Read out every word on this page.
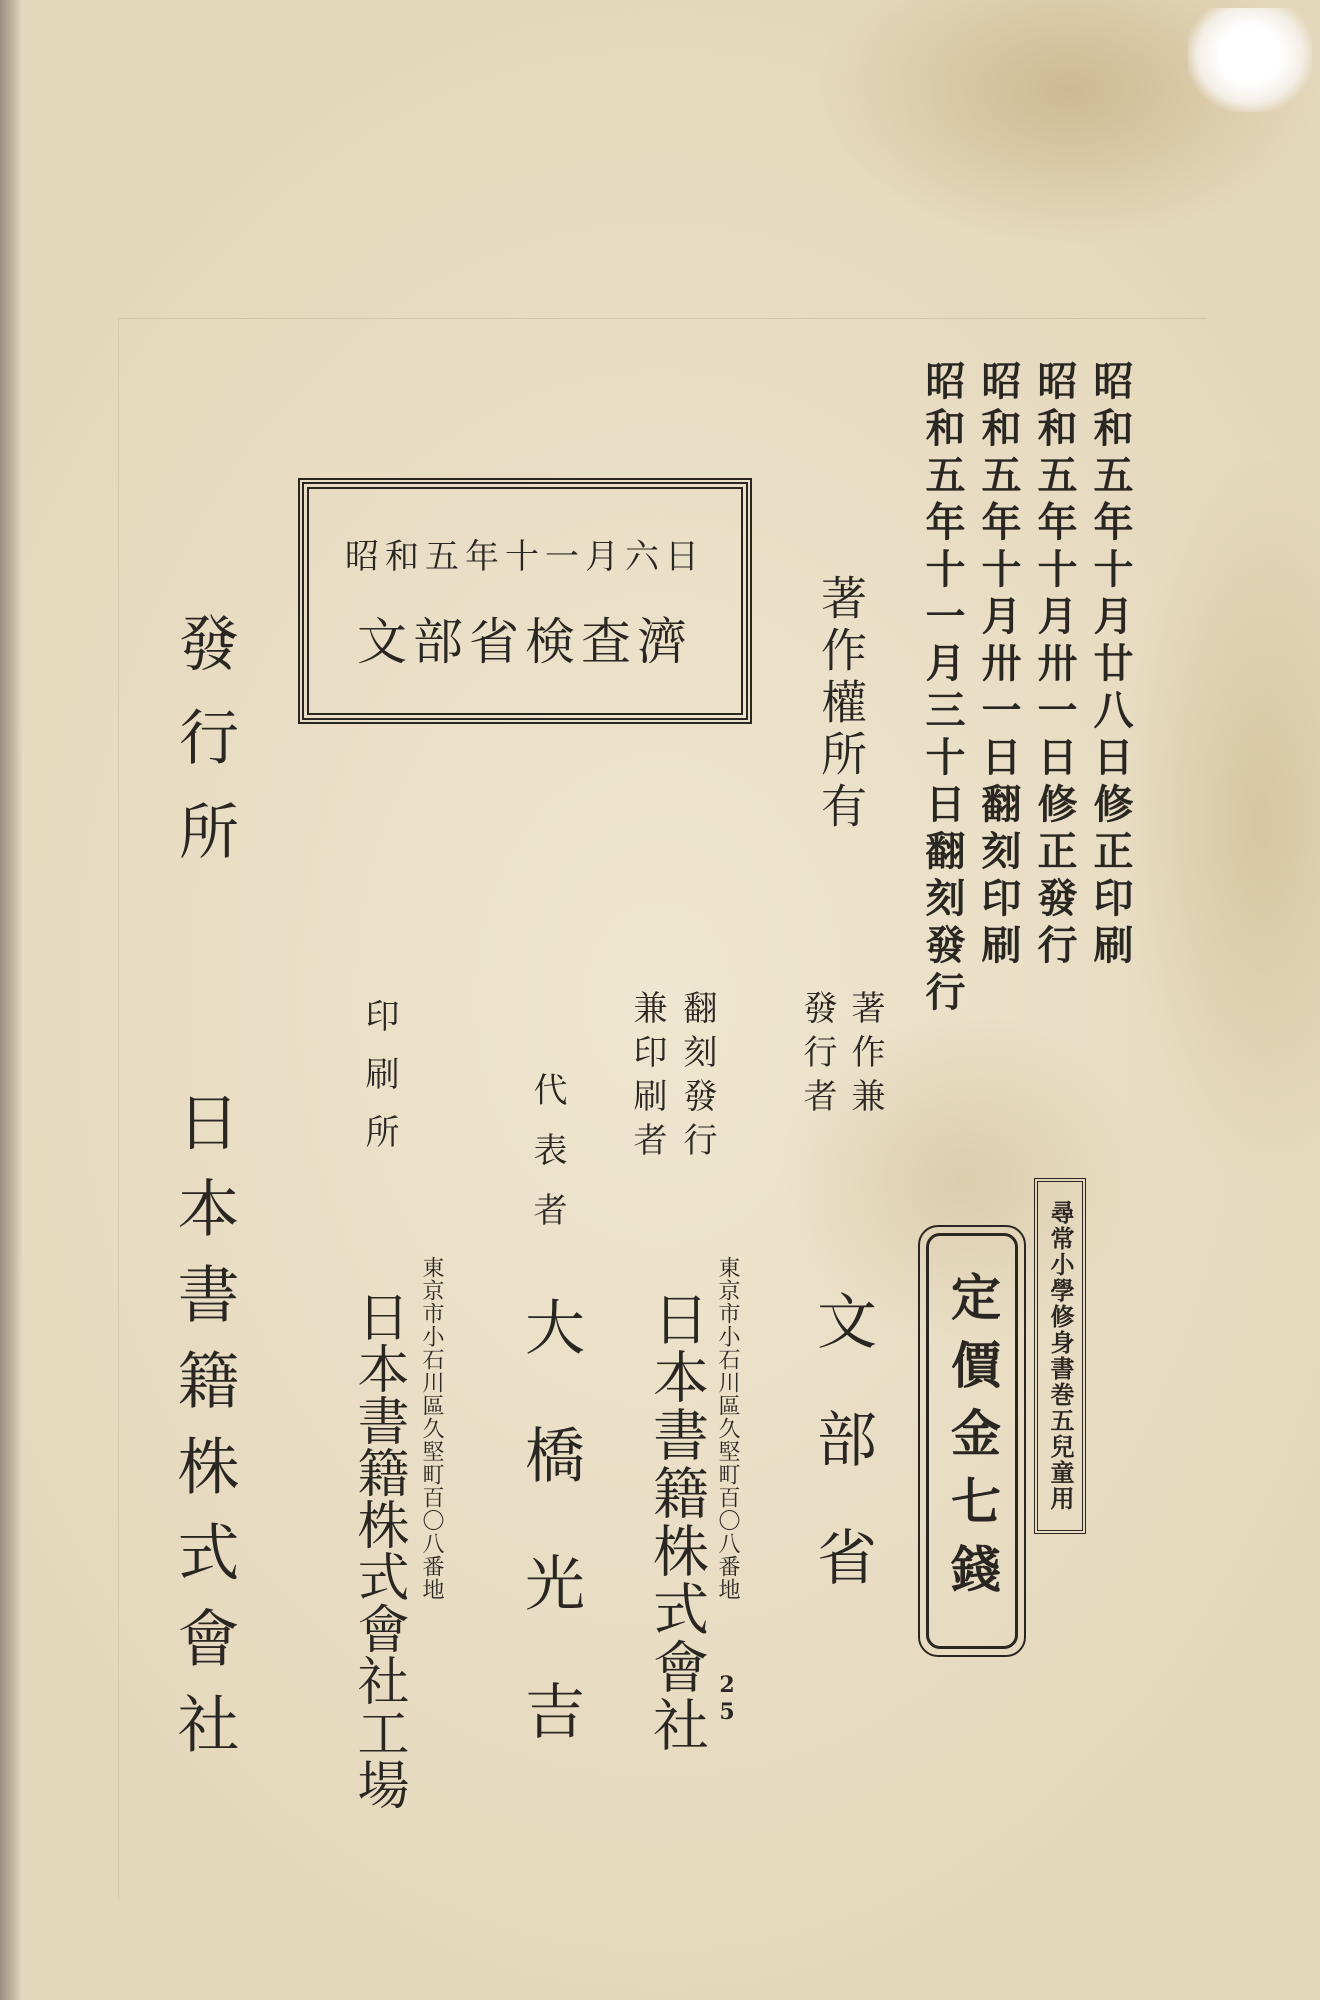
昭和五年十月廿八日修正印刷
昭和五年十月卅一日修正發行
昭和五年十月卅一日翻刻印刷
昭和五年十一月三十日翻刻發行
著作權所有
昭和五年十一月六日
文部省検査濟
尋常小學修身書巻五兒童用
定價金七錢
著作兼
發行者
文部省
翻刻發行
兼印刷者
東京市小石川區久堅町百〇八番地
25
日本書籍株式會社
代表者
大橋光吉
印刷所
東京市小石川區久堅町百〇八番地
日本書籍株式會社工場
發行所
日本書籍株式會社
